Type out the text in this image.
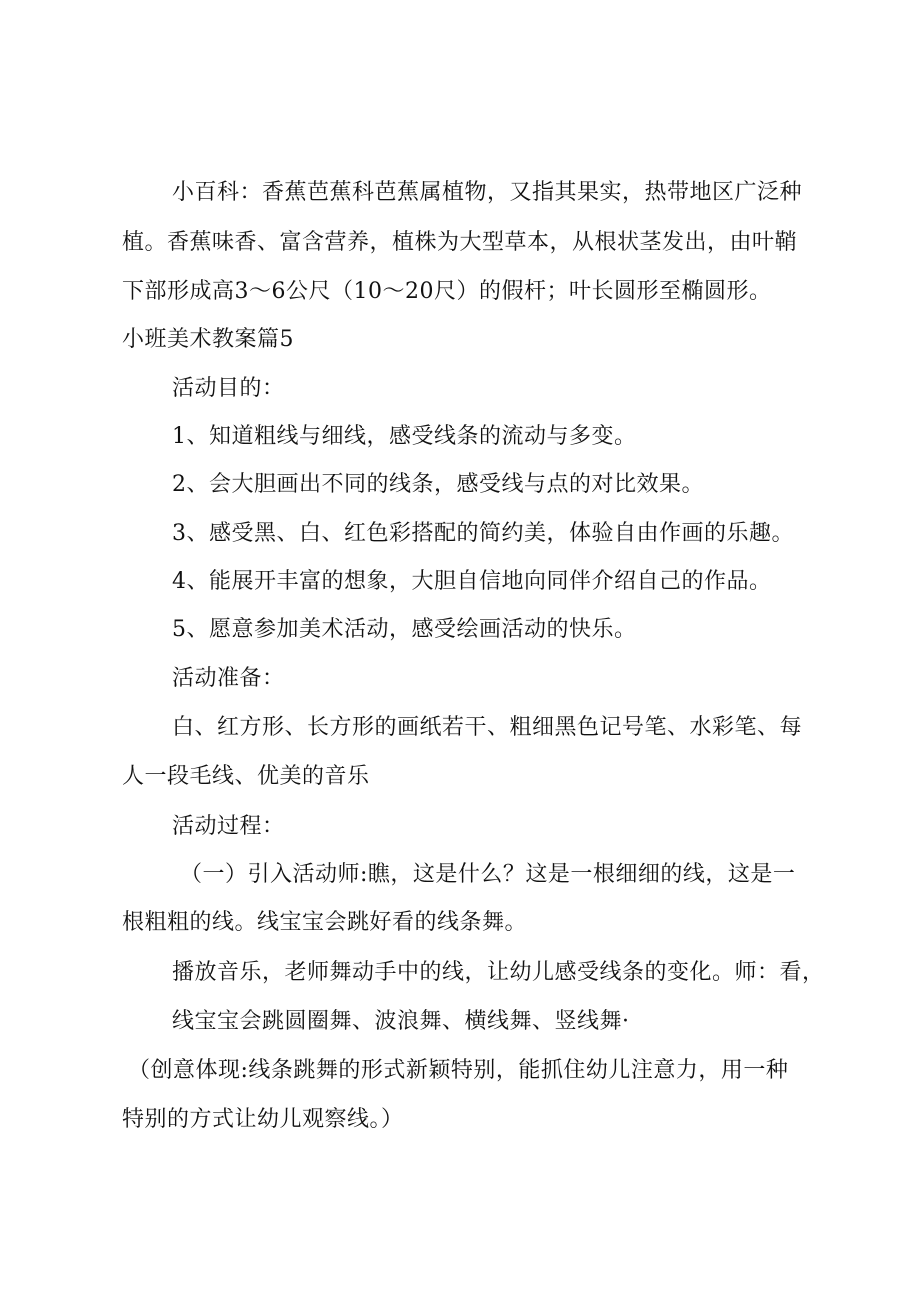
小百科：香蕉芭蕉科芭蕉属植物，又指其果实，热带地区广泛种
植。香蕉味香、富含营养，植株为大型草本，从根状茎发出，由叶鞘
下部形成高3～6公尺（10～20尺）的假杆；叶长圆形至椭圆形。
小班美术教案篇5
活动目的：
1、知道粗线与细线，感受线条的流动与多变。
2、会大胆画出不同的线条，感受线与点的对比效果。
3、感受黑、白、红色彩搭配的简约美，体验自由作画的乐趣。
4、能展开丰富的想象，大胆自信地向同伴介绍自己的作品。
5、愿意参加美术活动，感受绘画活动的快乐。
活动准备：
白、红方形、长方形的画纸若干、粗细黑色记号笔、水彩笔、每
人一段毛线、优美的音乐
活动过程：
（一）引入活动师:瞧，这是什么？这是一根细细的线，这是一
根粗粗的线。线宝宝会跳好看的线条舞。
播放音乐，老师舞动手中的线，让幼儿感受线条的变化。师：看，
线宝宝会跳圆圈舞、波浪舞、横线舞、竖线舞·
（创意体现:线条跳舞的形式新颖特别，能抓住幼儿注意力，用一种
特别的方式让幼儿观察线。）
